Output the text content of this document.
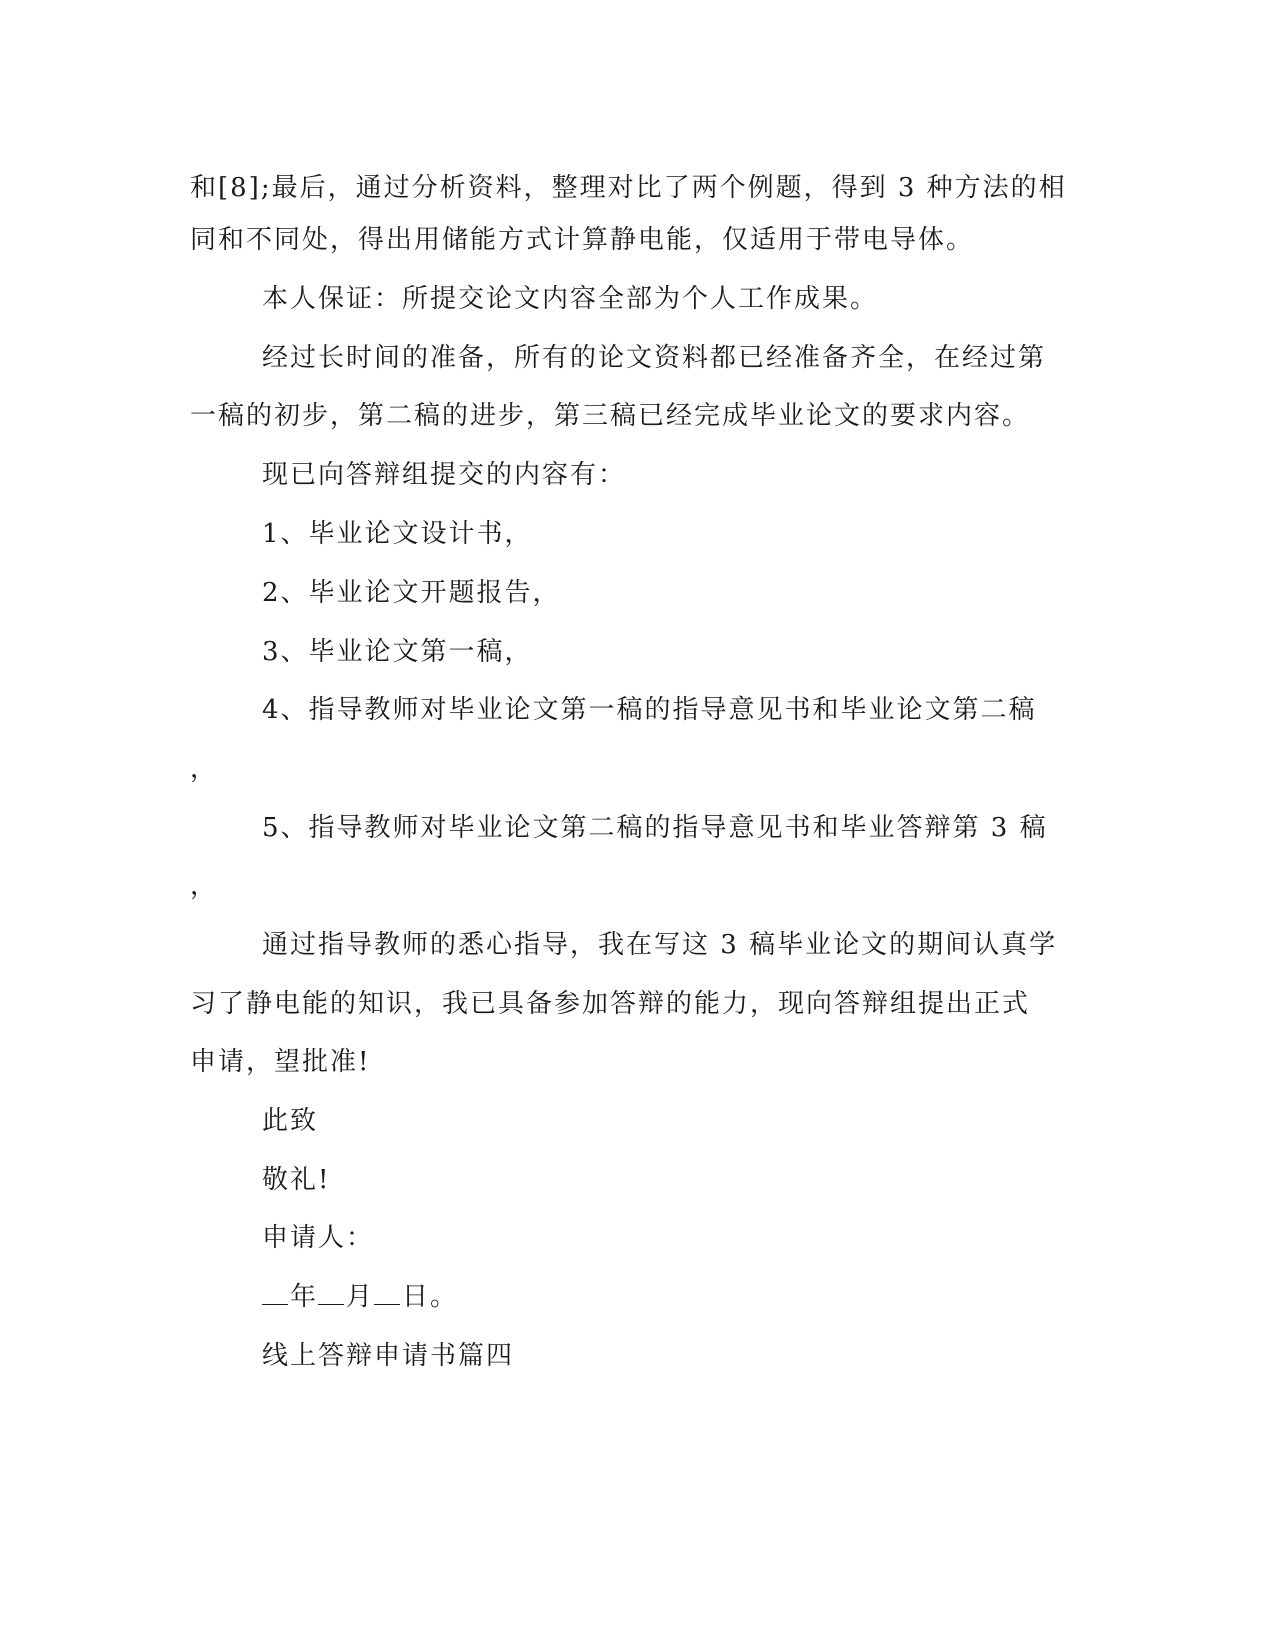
和[8];最后，通过分析资料，整理对比了两个例题，得到 3 种方法的相
同和不同处，得出用储能方式计算静电能，仅适用于带电导体。
本人保证：所提交论文内容全部为个人工作成果。
经过长时间的准备，所有的论文资料都已经准备齐全，在经过第
一稿的初步，第二稿的进步，第三稿已经完成毕业论文的要求内容。
现已向答辩组提交的内容有：
1、毕业论文设计书，
2、毕业论文开题报告，
3、毕业论文第一稿，
4、指导教师对毕业论文第一稿的指导意见书和毕业论文第二稿
，
5、指导教师对毕业论文第二稿的指导意见书和毕业答辩第 3 稿
，
通过指导教师的悉心指导，我在写这 3 稿毕业论文的期间认真学
习了静电能的知识，我已具备参加答辩的能力，现向答辩组提出正式
申请，望批准!
此致
敬礼!
申请人：
年 月 日。
线上答辩申请书篇四
